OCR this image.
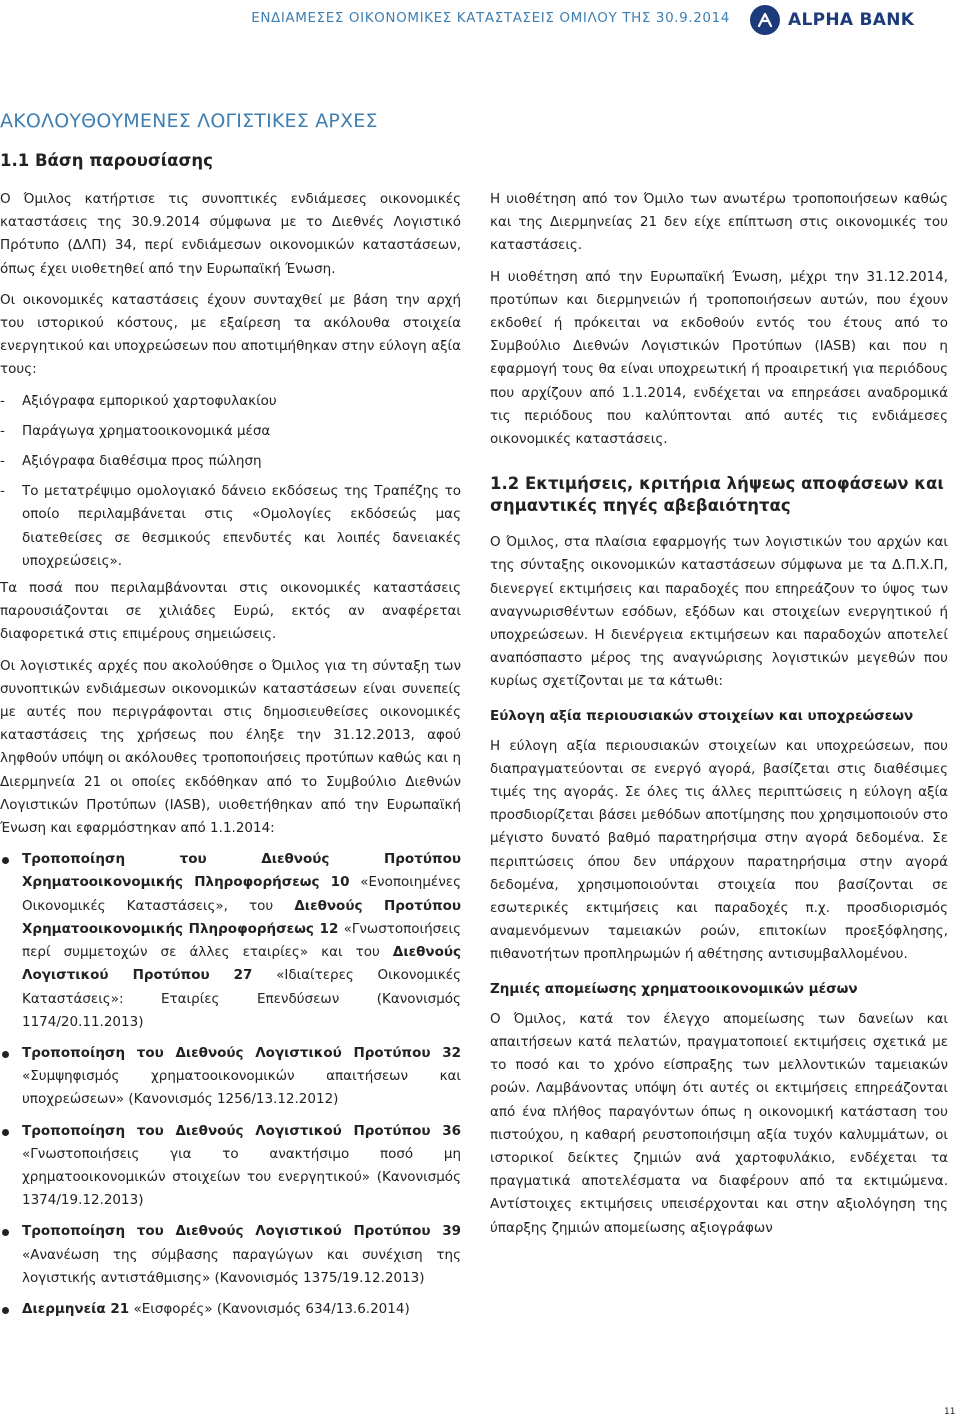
ΕΝΔΙΑΜΕΣΕΣ ΟΙΚΟΝΟΜΙΚΕΣ ΚΑΤΑΣΤΑΣΕΙΣ ΟΜΙΛΟΥ ΤΗΣ 30.9.2014	ALPHA BANK
ΑΚΟΛΟΥΘΟΥΜΕΝΕΣ ΛΟΓΙΣΤΙΚΕΣ ΑΡΧΕΣ

1.1 Βάση παρουσίασης

Ο Όμιλος κατήρτισε τις συνοπτικές ενδιάμεσες οικονομικές καταστάσεις της 30.9.2014 σύμφωνα με το Διεθνές Λογιστικό Πρότυπο (ΔΛΠ) 34, περί ενδιάμεσων οικονομικών καταστάσεων, όπως έχει υιοθετηθεί από την Ευρωπαϊκή Ένωση.

Οι οικονομικές καταστάσεις έχουν συνταχθεί με βάση την αρχή του ιστορικού κόστους, με εξαίρεση τα ακόλουθα στοιχεία ενεργητικού και υποχρεώσεων που αποτιμήθηκαν στην εύλογη αξία τους:

- Αξιόγραφα εμπορικού χαρτοφυλακίου

- Παράγωγα χρηματοοικονομικά μέσα

- Αξιόγραφα διαθέσιμα προς πώληση

- Το μετατρέψιμο ομολογιακό δάνειο εκδόσεως της Τραπέζης το οποίο περιλαμβάνεται στις «Ομολογίες εκδόσεώς μας διατεθείσες σε θεσμικούς επενδυτές και λοιπές δανειακές υποχρεώσεις».

Τα ποσά που περιλαμβάνονται στις οικονομικές καταστάσεις παρουσιάζονται σε χιλιάδες Ευρώ, εκτός αν αναφέρεται διαφορετικά στις επιμέρους σημειώσεις.

Οι λογιστικές αρχές που ακολούθησε ο Όμιλος για τη σύνταξη των συνοπτικών ενδιάμεσων οικονομικών καταστάσεων είναι συνεπείς με αυτές που περιγράφονται στις δημοσιευθείσες οικονομικές καταστάσεις της χρήσεως που έληξε την 31.12.2013, αφού ληφθούν υπόψη οι ακόλουθες τροποποιήσεις προτύπων καθώς και η Διερμηνεία 21 οι οποίες εκδόθηκαν από το Συμβούλιο Διεθνών Λογιστικών Προτύπων (IASB), υιοθετήθηκαν από την Ευρωπαϊκή Ένωση και εφαρμόστηκαν από 1.1.2014:

Τροποποίηση του Διεθνούς Προτύπου Χρηματοοικονομικής Πληροφορήσεως 10 «Ενοποιημένες Οικονομικές Καταστάσεις», του Διεθνούς Προτύπου Χρηματοοικονομικής Πληροφορήσεως 12 «Γνωστοποιήσεις περί συμμετοχών σε άλλες εταιρίες» και του Διεθνούς Λογιστικού Προτύπου 27 «Ιδιαίτερες Οικονομικές Καταστάσεις»: Εταιρίες Επενδύσεων (Κανονισμός 1174/20.11.2013)

Τροποποίηση του Διεθνούς Λογιστικού Προτύπου 32 «Συμψηφισμός χρηματοοικονομικών απαιτήσεων και υποχρεώσεων» (Κανονισμός 1256/13.12.2012)

Τροποποίηση του Διεθνούς Λογιστικού Προτύπου 36 «Γνωστοποιήσεις για το ανακτήσιμο ποσό μη χρηματοοικονομικών στοιχείων του ενεργητικού» (Κανονισμός 1374/19.12.2013)

Τροποποίηση του Διεθνούς Λογιστικού Προτύπου 39 «Ανανέωση της σύμβασης παραγώγων και συνέχιση της λογιστικής αντιστάθμισης» (Κανονισμός 1375/19.12.2013)

Διερμηνεία 21 «Εισφορές» (Κανονισμός 634/13.6.2014)

Η υιοθέτηση από τον Όμιλο των ανωτέρω τροποποιήσεων καθώς και της Διερμηνείας 21 δεν είχε επίπτωση στις οικονομικές του καταστάσεις.

Η υιοθέτηση από την Ευρωπαϊκή Ένωση, μέχρι την 31.12.2014, προτύπων και διερμηνειών ή τροποποιήσεων αυτών, που έχουν εκδοθεί ή πρόκειται να εκδοθούν εντός του έτους από το Συμβούλιο Διεθνών Λογιστικών Προτύπων (IASB) και που η εφαρμογή τους θα είναι υποχρεωτική ή προαιρετική για περιόδους που αρχίζουν από 1.1.2014, ενδέχεται να επηρεάσει αναδρομικά τις περιόδους που καλύπτονται από αυτές τις ενδιάμεσες οικονομικές καταστάσεις.

1.2 Εκτιμήσεις, κριτήρια λήψεως αποφάσεων και σημαντικές πηγές αβεβαιότητας

Ο Όμιλος, στα πλαίσια εφαρμογής των λογιστικών του αρχών και της σύνταξης οικονομικών καταστάσεων σύμφωνα με τα Δ.Π.Χ.Π, διενεργεί εκτιμήσεις και παραδοχές που επηρεάζουν το ύψος των αναγνωρισθέντων εσόδων, εξόδων και στοιχείων ενεργητικού ή υποχρεώσεων. Η διενέργεια εκτιμήσεων και παραδοχών αποτελεί αναπόσπαστο μέρος της αναγνώρισης λογιστικών μεγεθών που κυρίως σχετίζονται με τα κάτωθι:

Εύλογη αξία περιουσιακών στοιχείων και υποχρεώσεων

Η εύλογη αξία περιουσιακών στοιχείων και υποχρεώσεων, που διαπραγματεύονται σε ενεργό αγορά, βασίζεται στις διαθέσιμες τιμές της αγοράς. Σε όλες τις άλλες περιπτώσεις η εύλογη αξία προσδιορίζεται βάσει μεθόδων αποτίμησης που χρησιμοποιούν στο μέγιστο δυνατό βαθμό παρατηρήσιμα στην αγορά δεδομένα. Σε περιπτώσεις όπου δεν υπάρχουν παρατηρήσιμα στην αγορά δεδομένα, χρησιμοποιούνται στοιχεία που βασίζονται σε εσωτερικές εκτιμήσεις και παραδοχές π.χ. προσδιορισμός αναμενόμενων ταμειακών ροών, επιτοκίων προεξόφλησης, πιθανοτήτων προπληρωμών ή αθέτησης αντισυμβαλλομένου.

Ζημιές απομείωσης χρηματοοικονομικών μέσων

Ο Όμιλος, κατά τον έλεγχο απομείωσης των δανείων και απαιτήσεων κατά πελατών, πραγματοποιεί εκτιμήσεις σχετικά με το ποσό και το χρόνο είσπραξης των μελλοντικών ταμειακών ροών. Λαμβάνοντας υπόψη ότι αυτές οι εκτιμήσεις επηρεάζονται από ένα πλήθος παραγόντων όπως η οικονομική κατάσταση του πιστούχου, η καθαρή ρευστοποιήσιμη αξία τυχόν καλυμμάτων, οι ιστορικοί δείκτες ζημιών ανά χαρτοφυλάκιο, ενδέχεται τα πραγματικά αποτελέσματα να διαφέρουν από τα εκτιμώμενα. Αντίστοιχες εκτιμήσεις υπεισέρχονται και στην αξιολόγηση της ύπαρξης ζημιών απομείωσης αξιογράφων

11
